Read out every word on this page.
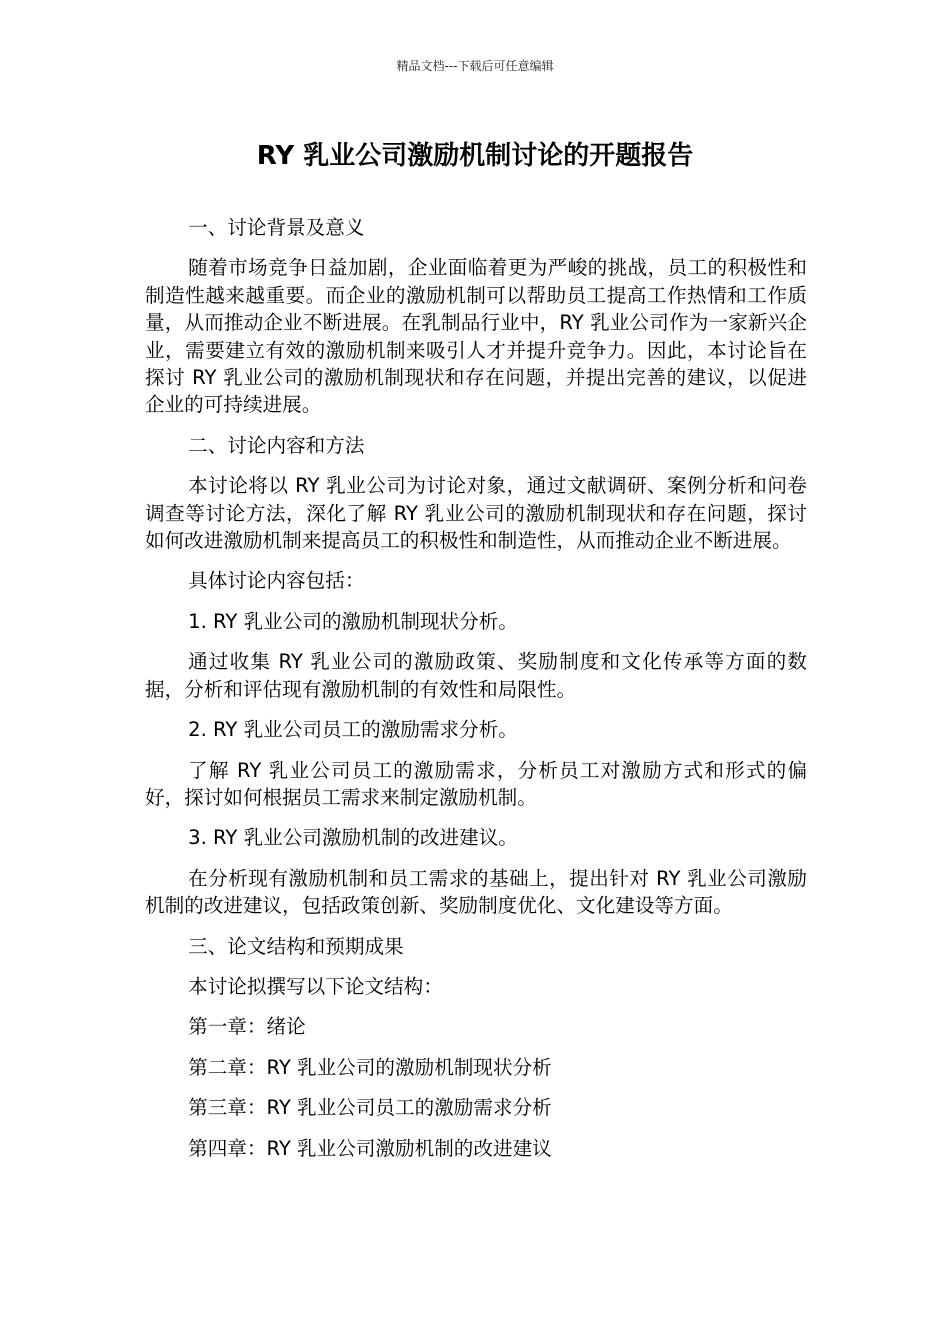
精品文档---下载后可任意编辑
RY 乳业公司激励机制讨论的开题报告

一、讨论背景及意义

随着市场竞争日益加剧，企业面临着更为严峻的挑战，员工的积极性和制造性越来越重要。而企业的激励机制可以帮助员工提高工作热情和工作质量，从而推动企业不断进展。在乳制品行业中，RY 乳业公司作为一家新兴企业，需要建立有效的激励机制来吸引人才并提升竞争力。因此，本讨论旨在探讨 RY 乳业公司的激励机制现状和存在问题，并提出完善的建议，以促进企业的可持续进展。

二、讨论内容和方法

本讨论将以 RY 乳业公司为讨论对象，通过文献调研、案例分析和问卷调查等讨论方法，深化了解 RY 乳业公司的激励机制现状和存在问题，探讨如何改进激励机制来提高员工的积极性和制造性，从而推动企业不断进展。

具体讨论内容包括：

1. RY 乳业公司的激励机制现状分析。

通过收集 RY 乳业公司的激励政策、奖励制度和文化传承等方面的数据，分析和评估现有激励机制的有效性和局限性。

2. RY 乳业公司员工的激励需求分析。

了解 RY 乳业公司员工的激励需求，分析员工对激励方式和形式的偏好，探讨如何根据员工需求来制定激励机制。

3. RY 乳业公司激励机制的改进建议。

在分析现有激励机制和员工需求的基础上，提出针对 RY 乳业公司激励机制的改进建议，包括政策创新、奖励制度优化、文化建设等方面。

三、论文结构和预期成果

本讨论拟撰写以下论文结构：

第一章：绪论

第二章：RY 乳业公司的激励机制现状分析

第三章：RY 乳业公司员工的激励需求分析

第四章：RY 乳业公司激励机制的改进建议
